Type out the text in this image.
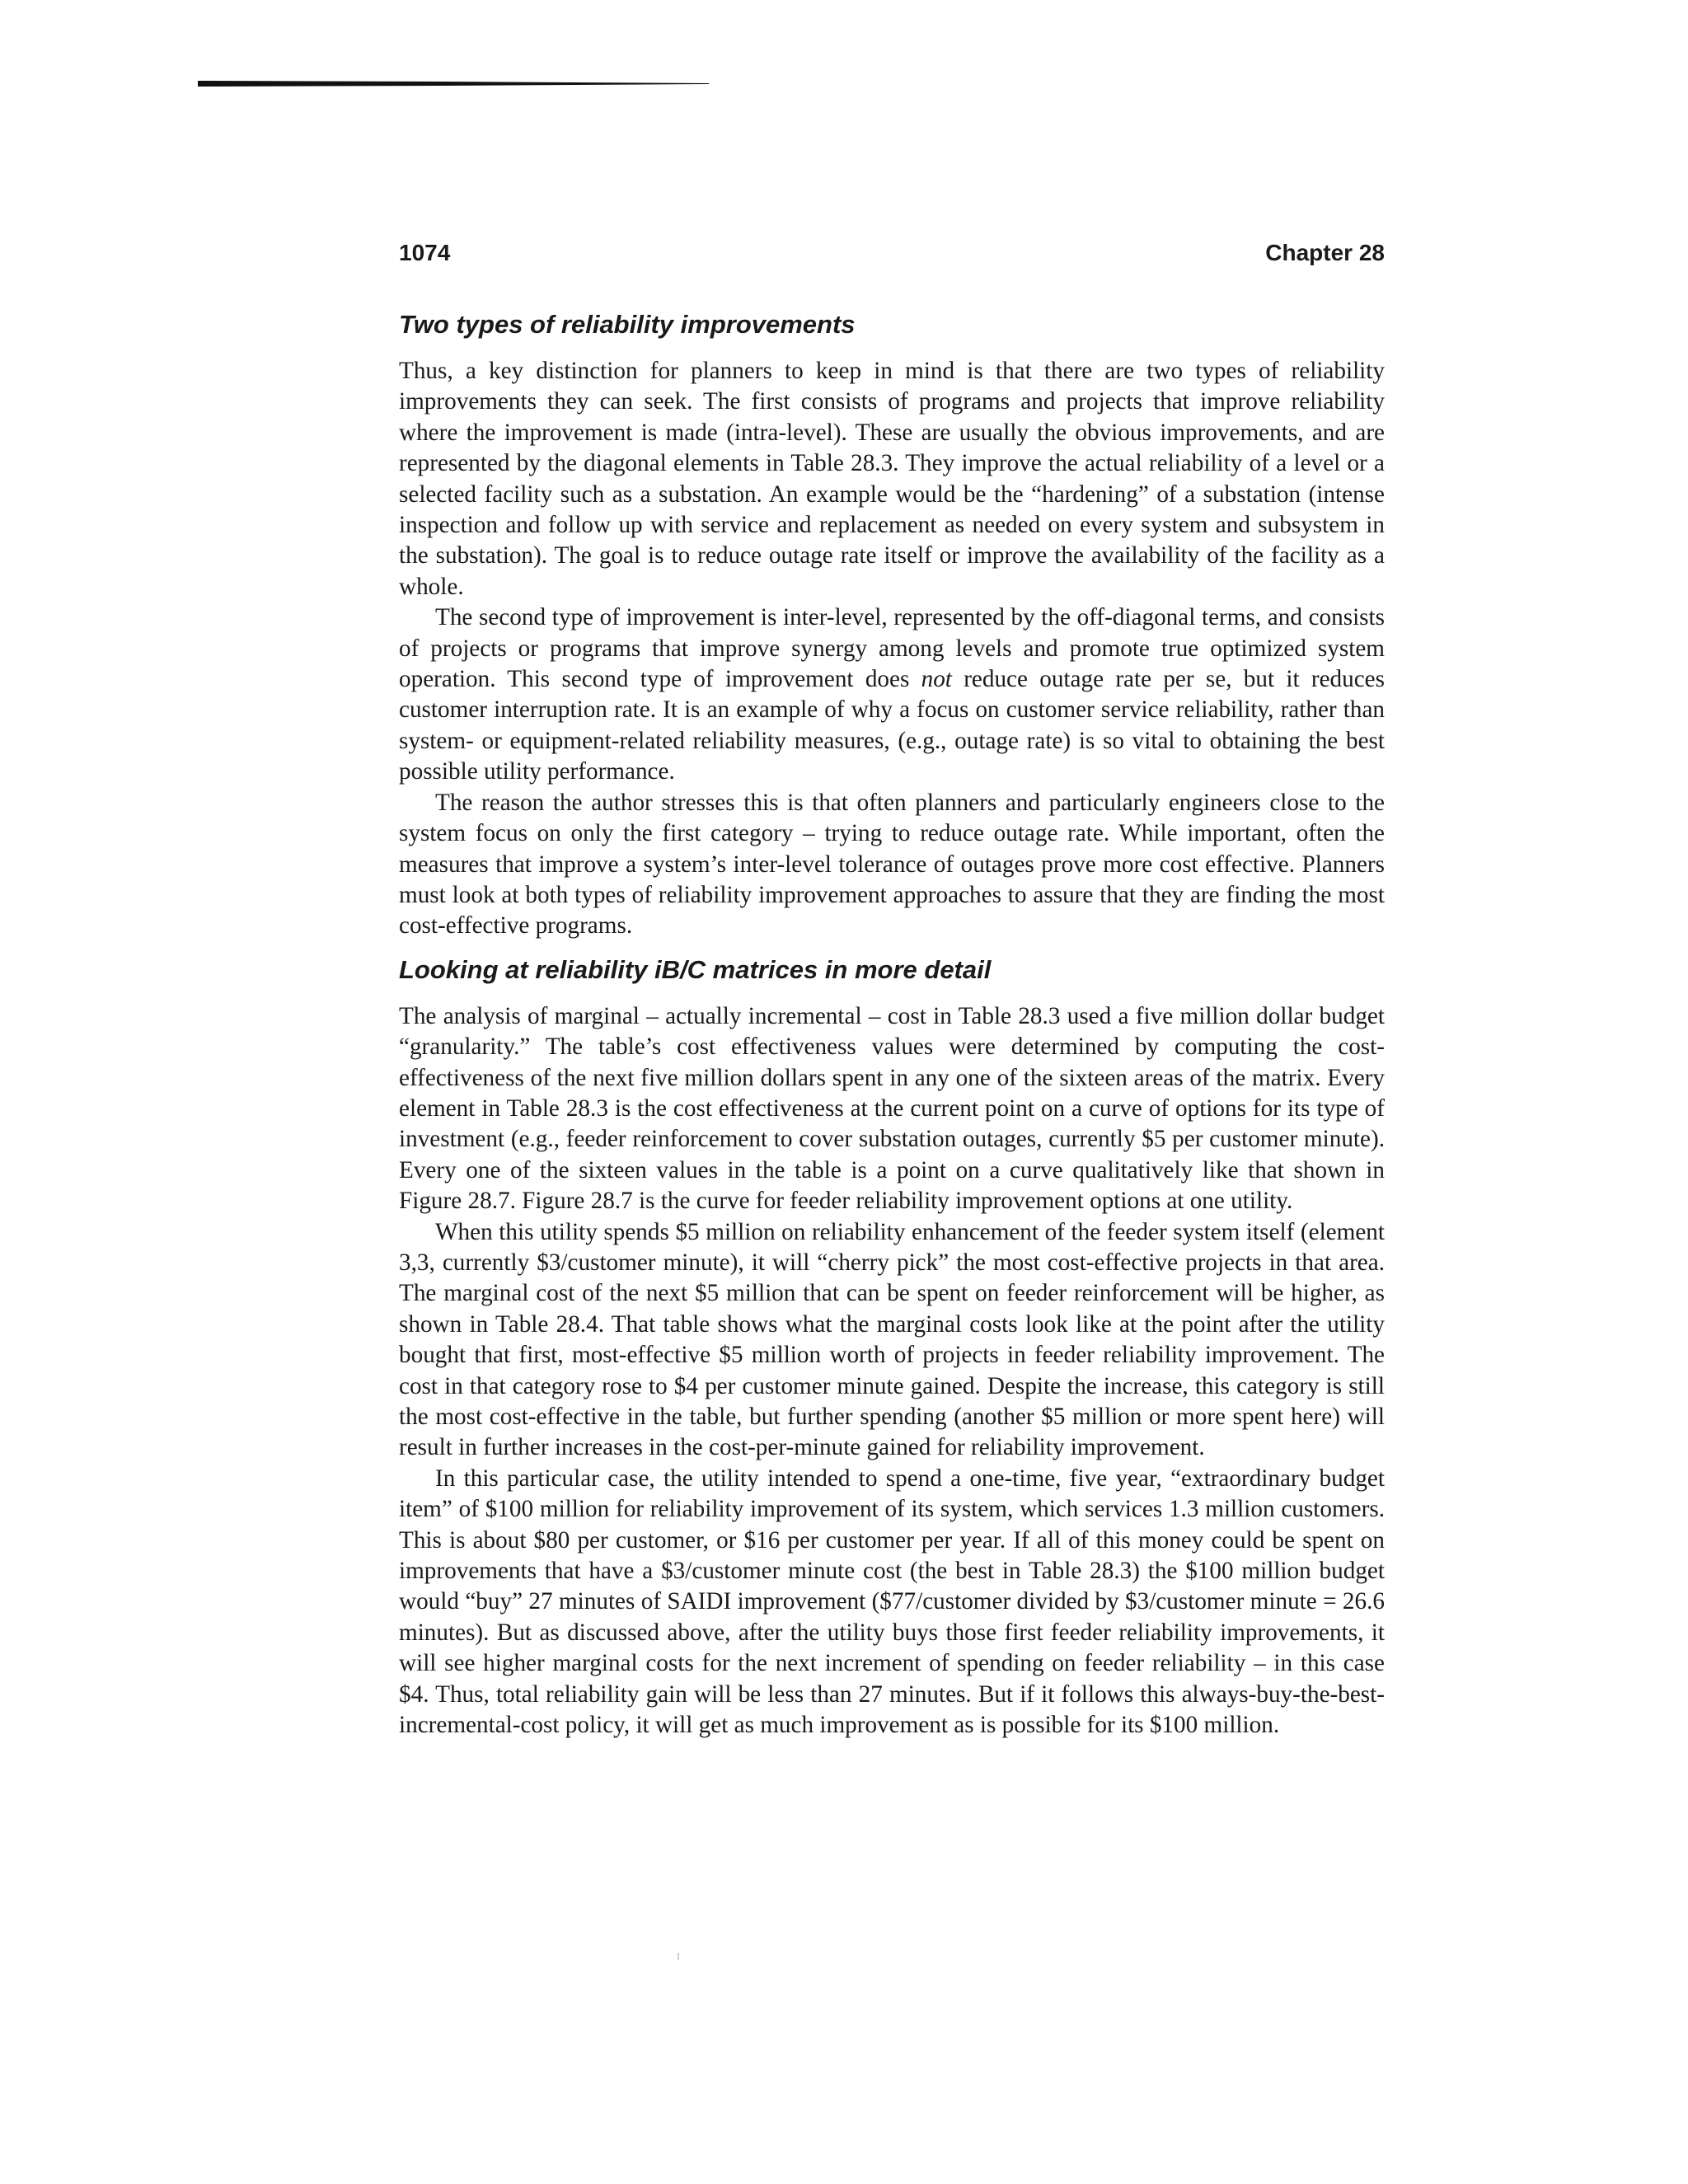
1074	Chapter 28
Two types of reliability improvements

Thus, a key distinction for planners to keep in mind is that there are two types of reliability improvements they can seek. The first consists of programs and projects that improve reliability where the improvement is made (intra-level). These are usually the obvious improvements, and are represented by the diagonal elements in Table 28.3. They improve the actual reliability of a level or a selected facility such as a substation. An example would be the “hardening” of a substation (intense inspection and follow up with service and replacement as needed on every system and subsystem in the substation). The goal is to reduce outage rate itself or improve the availability of the facility as a whole.

The second type of improvement is inter-level, represented by the off-diagonal terms, and consists of projects or programs that improve synergy among levels and promote true optimized system operation. This second type of improvement does not reduce outage rate per se, but it reduces customer interruption rate. It is an example of why a focus on customer service reliability, rather than system- or equipment-related reliability measures, (e.g., outage rate) is so vital to obtaining the best possible utility performance.

The reason the author stresses this is that often planners and particularly engineers close to the system focus on only the first category – trying to reduce outage rate. While important, often the measures that improve a system’s inter-level tolerance of outages prove more cost effective. Planners must look at both types of reliability improvement approaches to assure that they are finding the most cost-effective programs.

Looking at reliability iB/C matrices in more detail

The analysis of marginal – actually incremental – cost in Table 28.3 used a five million dollar budget “granularity.” The table’s cost effectiveness values were determined by computing the cost-effectiveness of the next five million dollars spent in any one of the sixteen areas of the matrix. Every element in Table 28.3 is the cost effectiveness at the current point on a curve of options for its type of investment (e.g., feeder reinforcement to cover substation outages, currently $5 per customer minute). Every one of the sixteen values in the table is a point on a curve qualitatively like that shown in Figure 28.7. Figure 28.7 is the curve for feeder reliability improvement options at one utility.

When this utility spends $5 million on reliability enhancement of the feeder system itself (element 3,3, currently $3/customer minute), it will “cherry pick” the most cost-effective projects in that area. The marginal cost of the next $5 million that can be spent on feeder reinforcement will be higher, as shown in Table 28.4. That table shows what the marginal costs look like at the point after the utility bought that first, most-effective $5 million worth of projects in feeder reliability improvement. The cost in that category rose to $4 per customer minute gained. Despite the increase, this category is still the most cost-effective in the table, but further spending (another $5 million or more spent here) will result in further increases in the cost-per-minute gained for reliability improvement.

In this particular case, the utility intended to spend a one-time, five year, “extraordinary budget item” of $100 million for reliability improvement of its system, which services 1.3 million customers. This is about $80 per customer, or $16 per customer per year. If all of this money could be spent on improvements that have a $3/customer minute cost (the best in Table 28.3) the $100 million budget would “buy” 27 minutes of SAIDI improvement ($77/customer divided by $3/customer minute = 26.6 minutes). But as discussed above, after the utility buys those first feeder reliability improvements, it will see higher marginal costs for the next increment of spending on feeder reliability – in this case $4. Thus, total reliability gain will be less than 27 minutes. But if it follows this always-buy-the-best-incremental-cost policy, it will get as much improvement as is possible for its $100 million.
